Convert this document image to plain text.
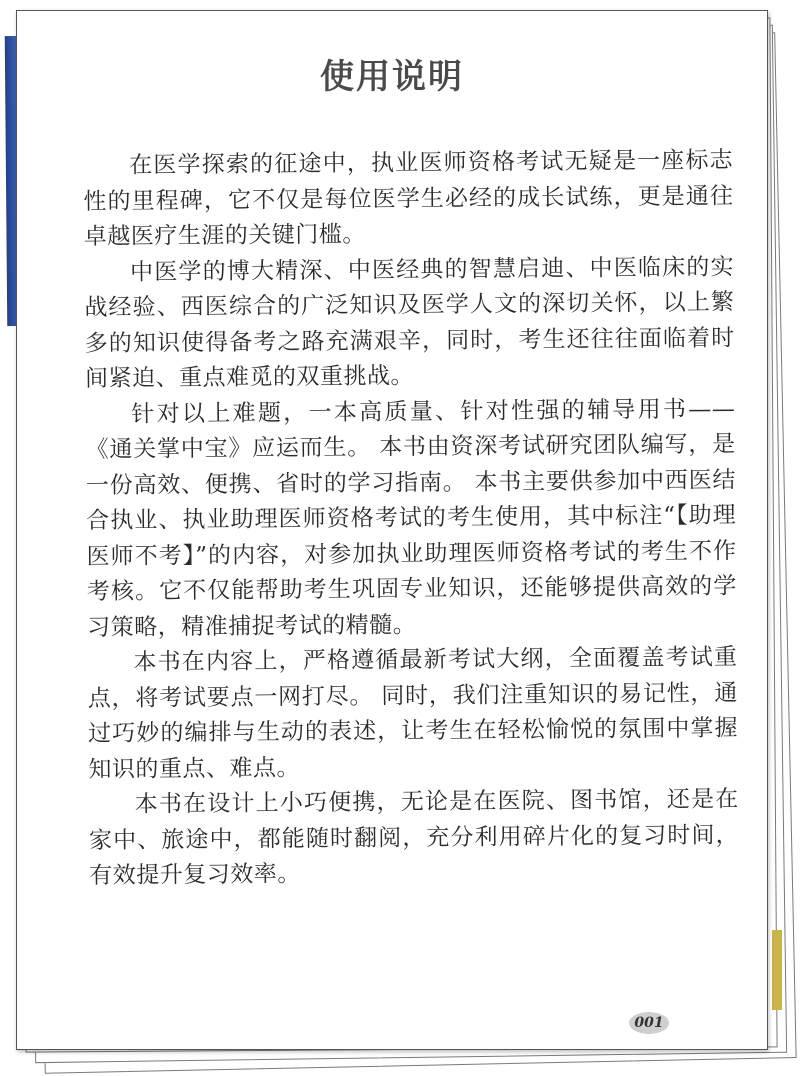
使用说明

在医学探索的征途中，执业医师资格考试无疑是一座标志性的里程碑，它不仅是每位医学生必经的成长试练，更是通往卓越医疗生涯的关键门槛。

中医学的博大精深、中医经典的智慧启迪、中医临床的实战经验、西医综合的广泛知识及医学人文的深切关怀，以上繁多的知识使得备考之路充满艰辛，同时，考生还往往面临着时间紧迫、重点难觅的双重挑战。

针对以上难题，一本高质量、针对性强的辅导用书——《通关掌中宝》应运而生。 本书由资深考试研究团队编写，是一份高效、便携、省时的学习指南。 本书主要供参加中西医结合执业、执业助理医师资格考试的考生使用，其中标注“【助理医师不考】”的内容，对参加执业助理医师资格考试的考生不作考核。它不仅能帮助考生巩固专业知识，还能够提供高效的学习策略，精准捕捉考试的精髓。

本书在内容上，严格遵循最新考试大纲，全面覆盖考试重点，将考试要点一网打尽。 同时，我们注重知识的易记性，通过巧妙的编排与生动的表述，让考生在轻松愉悦的氛围中掌握知识的重点、难点。

本书在设计上小巧便携，无论是在医院、图书馆，还是在家中、旅途中，都能随时翻阅，充分利用碎片化的复习时间，有效提升复习效率。

001
